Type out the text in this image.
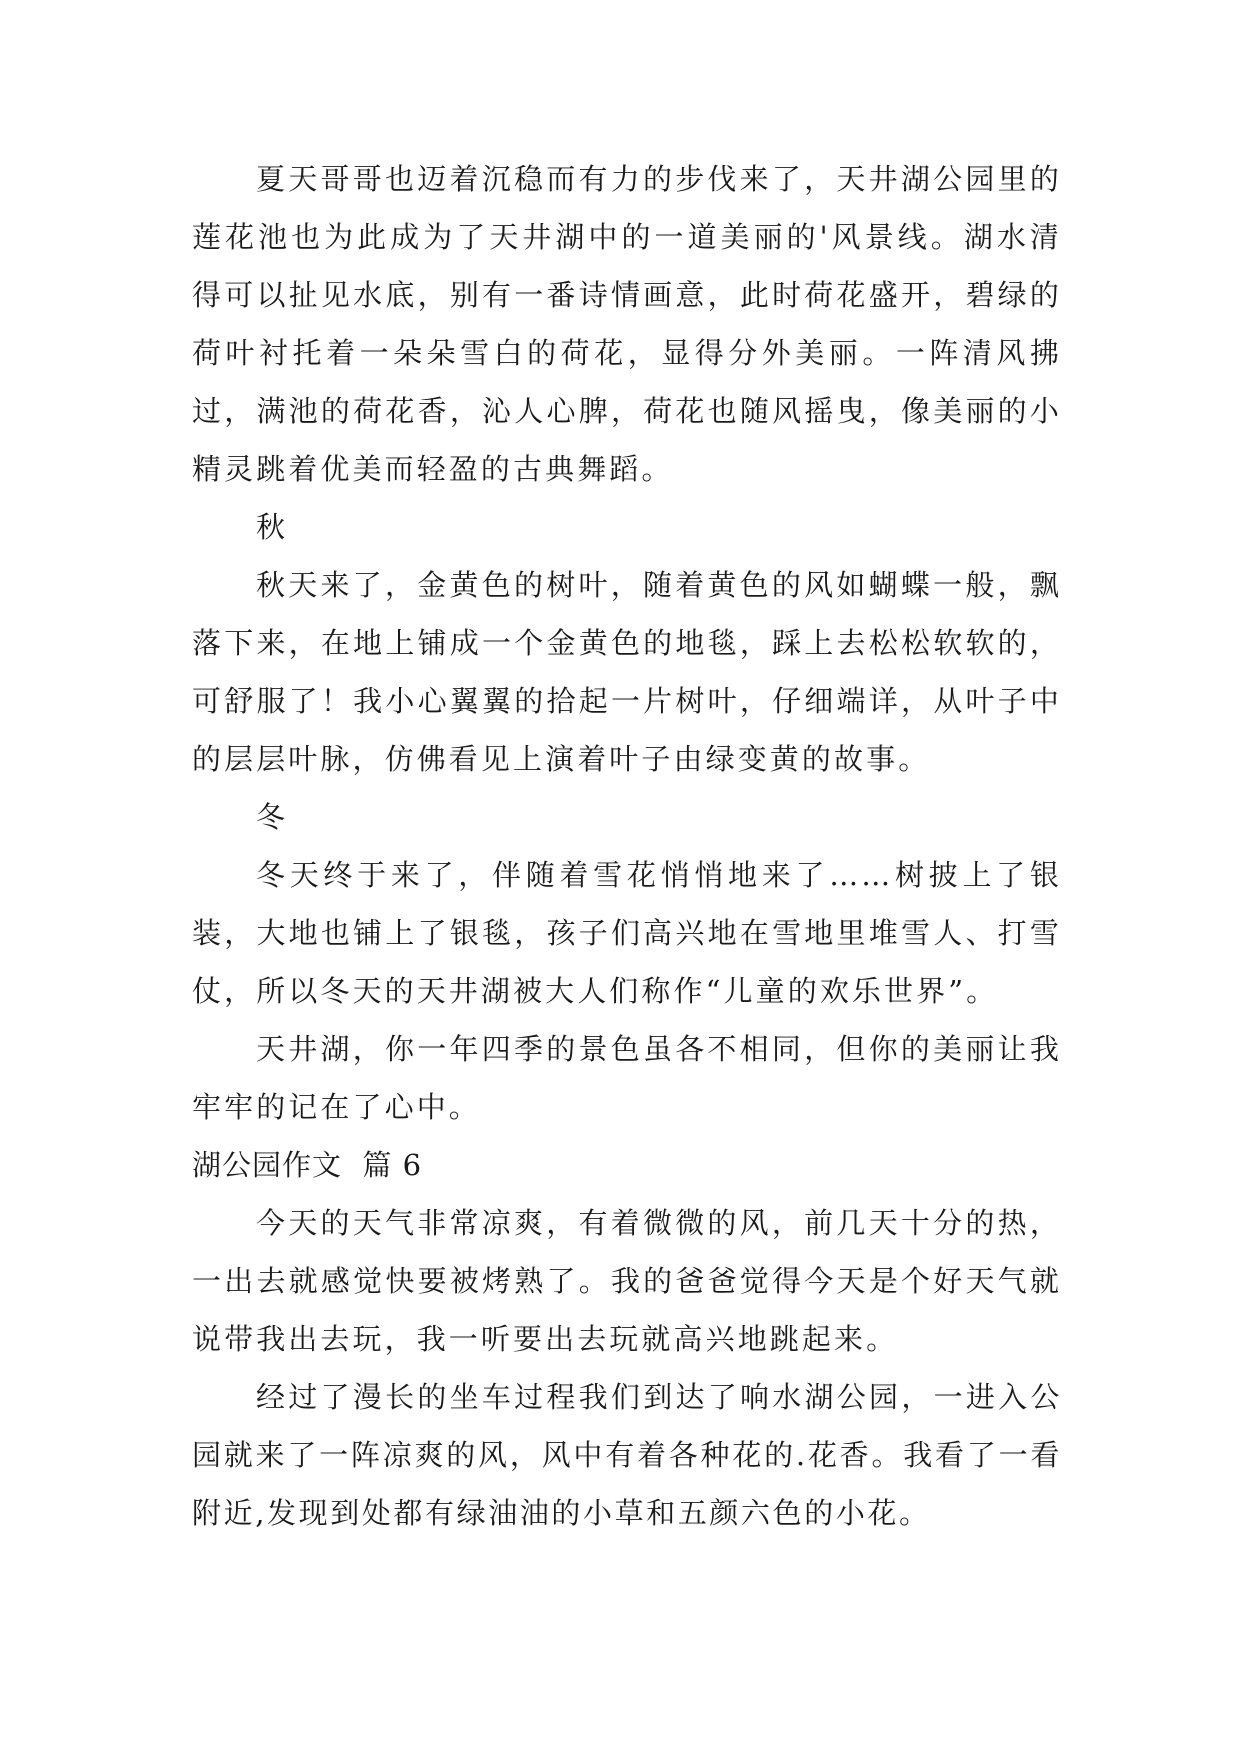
夏天哥哥也迈着沉稳而有力的步伐来了，天井湖公园里的莲花池也为此成为了天井湖中的一道美丽的'风景线。湖水清得可以扯见水底，别有一番诗情画意，此时荷花盛开，碧绿的荷叶衬托着一朵朵雪白的荷花，显得分外美丽。一阵清风拂过，满池的荷花香，沁人心脾，荷花也随风摇曳，像美丽的小精灵跳着优美而轻盈的古典舞蹈。

秋

秋天来了，金黄色的树叶，随着黄色的风如蝴蝶一般，飘落下来，在地上铺成一个金黄色的地毯，踩上去松松软软的，可舒服了！我小心翼翼的拾起一片树叶，仔细端详，从叶子中的层层叶脉，仿佛看见上演着叶子由绿变黄的故事。

冬

冬天终于来了，伴随着雪花悄悄地来了……树披上了银装，大地也铺上了银毯，孩子们高兴地在雪地里堆雪人、打雪仗，所以冬天的天井湖被大人们称作“儿童的欢乐世界”。

天井湖，你一年四季的景色虽各不相同，但你的美丽让我牢牢的记在了心中。

湖公园作文  篇 6

今天的天气非常凉爽，有着微微的风，前几天十分的热，一出去就感觉快要被烤熟了。我的爸爸觉得今天是个好天气就说带我出去玩，我一听要出去玩就高兴地跳起来。

经过了漫长的坐车过程我们到达了响水湖公园，一进入公园就来了一阵凉爽的风，风中有着各种花的.花香。我看了一看附近,发现到处都有绿油油的小草和五颜六色的小花。
